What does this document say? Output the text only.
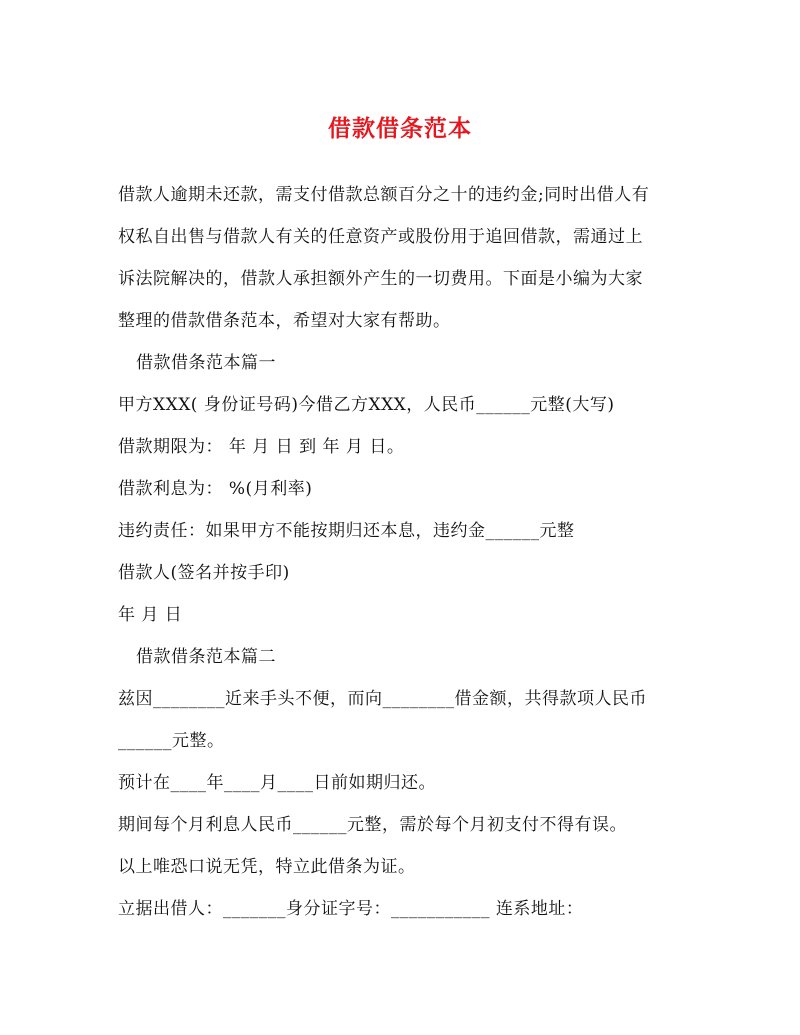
借款借条范本
借款人逾期未还款，需支付借款总额百分之十的违约金;同时出借人有
权私自出售与借款人有关的任意资产或股份用于追回借款，需通过上
诉法院解决的，借款人承担额外产生的一切费用。下面是小编为大家
整理的借款借条范本，希望对大家有帮助。
借款借条范本篇一
甲方XXX( 身份证号码)今借乙方XXX，人民币______元整(大写)
借款期限为： 年 月 日 到 年 月 日。
借款利息为： %(月利率)
违约责任：如果甲方不能按期归还本息，违约金______元整
借款人(签名并按手印)
年 月 日
借款借条范本篇二
兹因________近来手头不便，而向________借金额，共得款项人民币
______元整。
预计在____年____月____日前如期归还。
期间每个月利息人民币______元整，需於每个月初支付不得有误。
以上唯恐口说无凭，特立此借条为证。
立据出借人：_______身分证字号：___________ 连系地址：
